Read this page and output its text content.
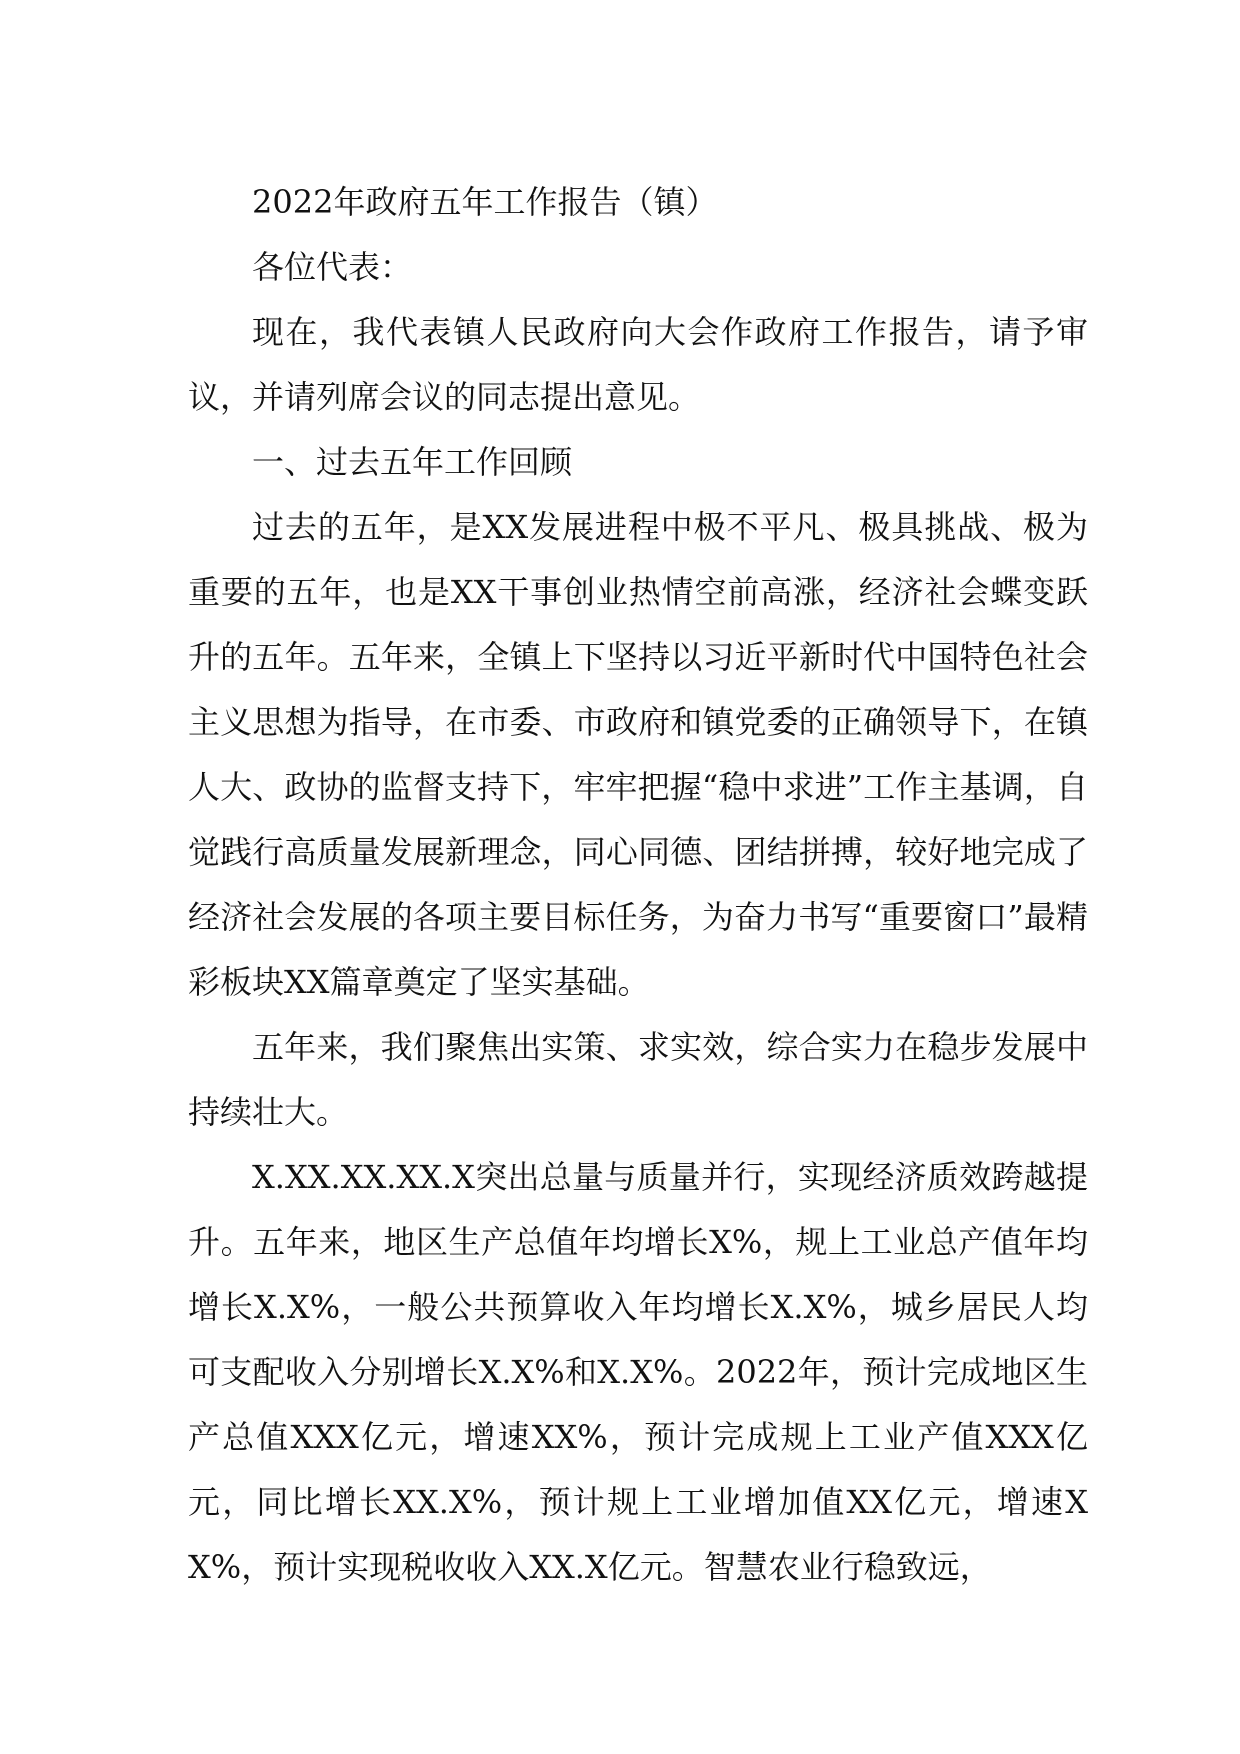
2022年政府五年工作报告（镇）

各位代表：

现在，我代表镇人民政府向大会作政府工作报告，请予审议，并请列席会议的同志提出意见。

一、过去五年工作回顾

过去的五年，是XX发展进程中极不平凡、极具挑战、极为重要的五年，也是XX干事创业热情空前高涨，经济社会蝶变跃升的五年。五年来，全镇上下坚持以习近平新时代中国特色社会主义思想为指导，在市委、市政府和镇党委的正确领导下，在镇人大、政协的监督支持下，牢牢把握“稳中求进”工作主基调，自觉践行高质量发展新理念，同心同德、团结拼搏，较好地完成了经济社会发展的各项主要目标任务，为奋力书写“重要窗口”最精彩板块XX篇章奠定了坚实基础。

五年来，我们聚焦出实策、求实效，综合实力在稳步发展中持续壮大。

X.XX.XX.XX.X突出总量与质量并行，实现经济质效跨越提升。五年来，地区生产总值年均增长X%，规上工业总产值年均增长X.X%，一般公共预算收入年均增长X.X%，城乡居民人均可支配收入分别增长X.X%和X.X%。2022年，预计完成地区生产总值XXX亿元，增速XX%，预计完成规上工业产值XXX亿元，同比增长XX.X%，预计规上工业增加值XX亿元，增速XX%，预计实现税收收入XX.X亿元。智慧农业行稳致远，
